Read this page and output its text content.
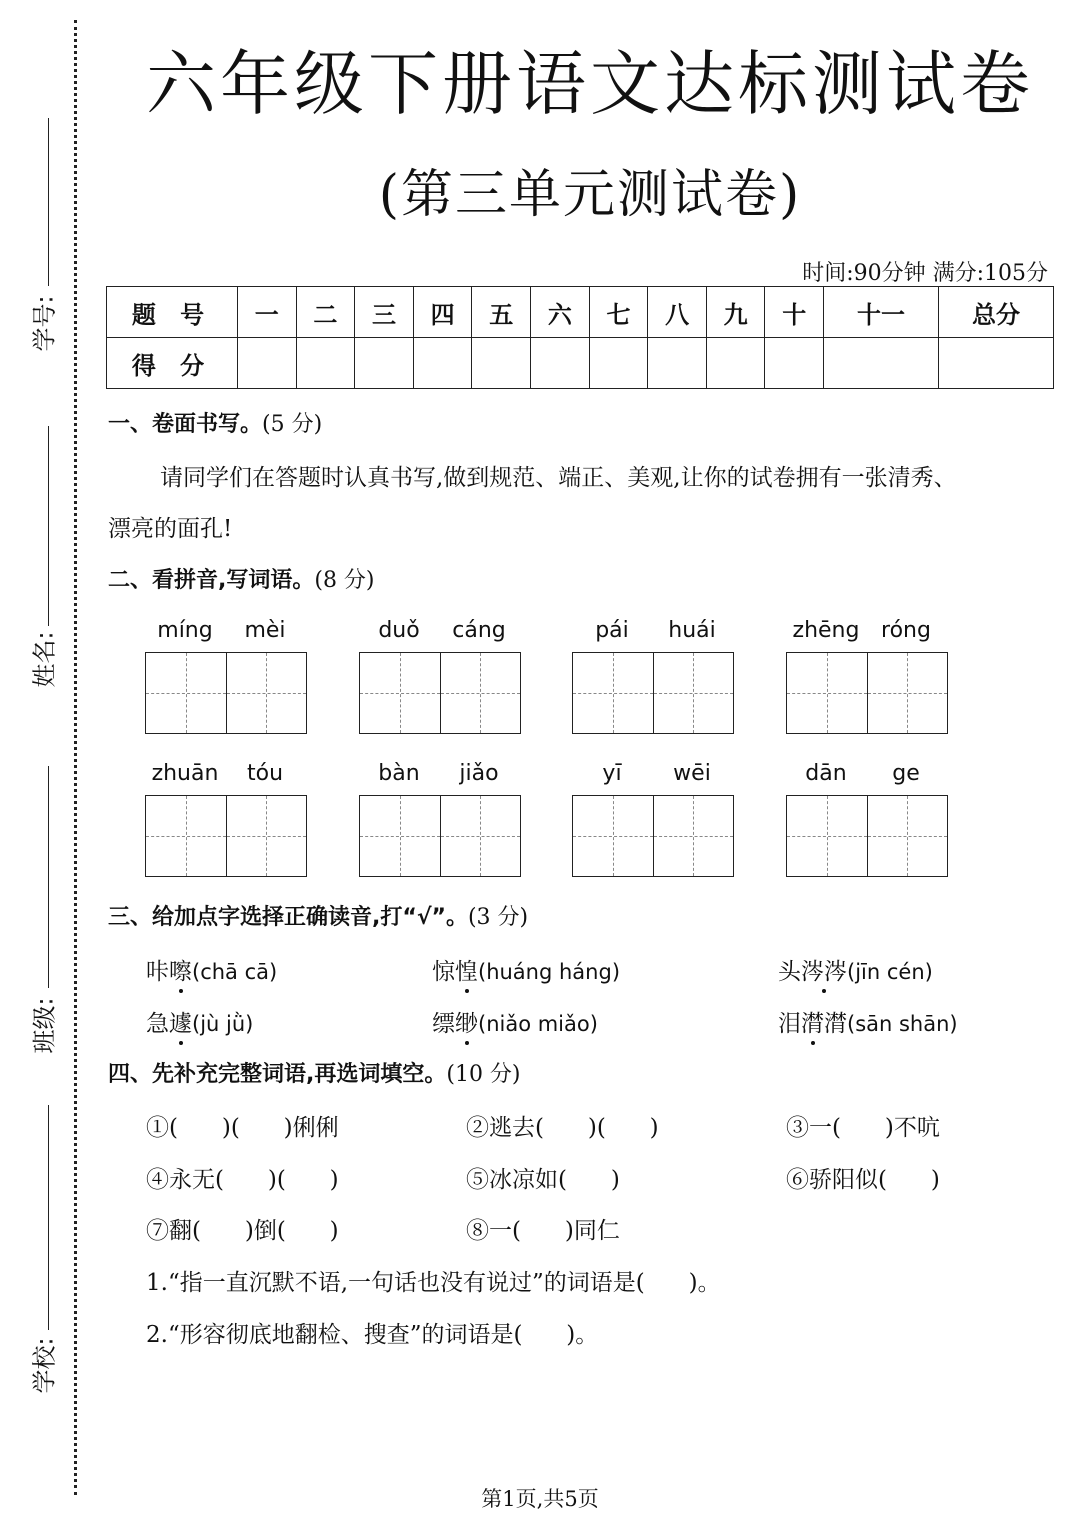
学号:
姓名:
班级:
学校:
六年级下册语文达标测试卷
(第三单元测试卷)
时间:90分钟 满分:105分
题 号	一	二	三	四	五	六	七	八	九	十	十一	总分
得 分												
一、卷面书写。(5 分)
请同学们在答题时认真书写,做到规范、端正、美观,让你的试卷拥有一张清秀、
漂亮的面孔!
二、看拼音,写词语。(8 分)
míng	mèi	duǒ	cáng	pái	huái	zhēng róng
zhuān	tóu	bàn	jiǎo	yī	wēi	dān	ge
三、给加点字选择正确读音,打“√”。(3 分)
咔嚓(chā cā)	惊惶(huáng háng)	头涔涔(jīn cén)
急遽(jù jǜ)	缥缈(niǎo miǎo)	泪潸潸(sān shān)
四、先补充完整词语,再选词填空。(10 分)
①(      )(      )俐俐	②逃去(      )(      )	③一(      )不吭
④永无(      )(      )	⑤冰凉如(      )	⑥骄阳似(      )
⑦翻(      )倒(      )	⑧一(      )同仁
1.“指一直沉默不语,一句话也没有说过”的词语是(      )。
2.“形容彻底地翻检、搜查”的词语是(      )。
第1页,共5页
